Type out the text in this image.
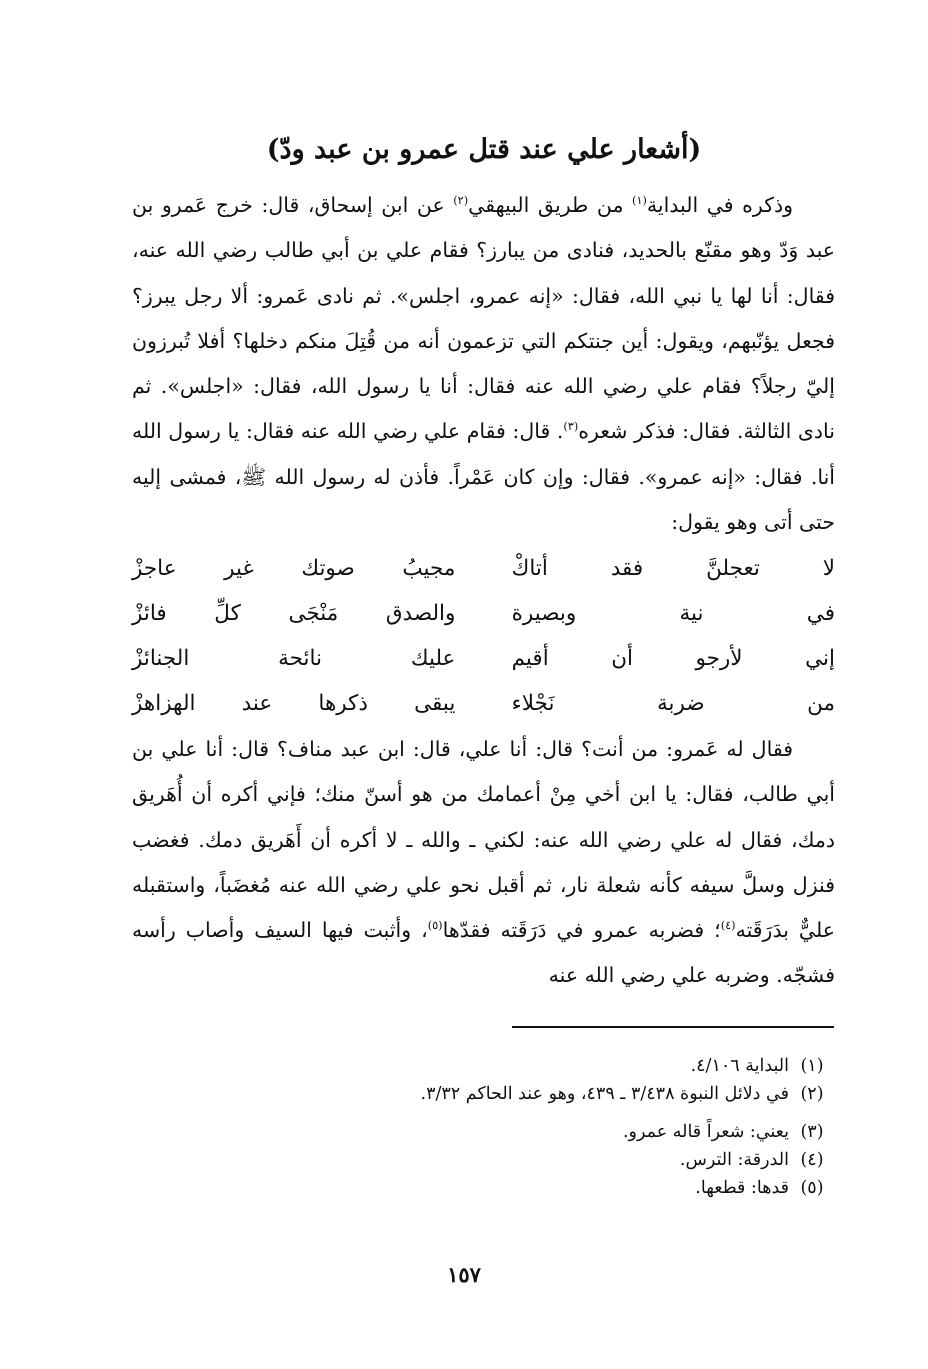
(أشعار علي عند قتل عمرو بن عبد ودّ)

وذكره في البداية$^{(١)}$ من طريق البيهقي$^{(٢)}$ عن ابن إسحاق، قال: خرج عَمرو بن عبد وَدّ وهو مقنّع بالحديد، فنادى من يبارز؟ فقام علي بن أبي طالب رضي الله عنه، فقال: أنا لها يا نبي الله، فقال: «إنه عمرو، اجلس». ثم نادى عَمرو: ألا رجل يبرز؟ فجعل يؤنّبهم، ويقول: أين جنتكم التي تزعمون أنه من قُتِلَ منكم دخلها؟ أفلا تُبرزون إليّ رجلاً؟ فقام علي رضي الله عنه فقال: أنا يا رسول الله، فقال: «اجلس». ثم نادى الثالثة. فقال: فذكر شعره$^{(٣)}$. قال: فقام علي رضي الله عنه فقال: يا رسول الله أنا. فقال: «إنه عمرو». فقال: وإن كان عَمْراً. فأذن له رسول الله ﷺ، فمشى إليه حتى أتى وهو يقول:

لا تعجلنَّ فقد أتاكْ
مجيبُ صوتك غير عاجزْ
في نية وبصيرة
والصدق مَنْجَى كلِّ فائزْ
إني لأرجو أن أقيم
عليك نائحة الجنائزْ
من ضربة نَجْلاء
يبقى ذكرها عند الهزاهزْ

فقال له عَمرو: من أنت؟ قال: أنا علي، قال: ابن عبد مناف؟ قال: أنا علي بن أبي طالب، فقال: يا ابن أخي مِنْ أعمامك من هو أسنّ منك؛ فإني أكره أن أُهَريق دمك، فقال له علي رضي الله عنه: لكني ـ والله ـ لا أكره أن أَهَريق دمك. فغضب فنزل وسلَّ سيفه كأنه شعلة نار، ثم أقبل نحو علي رضي الله عنه مُغضَباً، واستقبله عليٌّ بدَرَقَته$^{(٤)}$؛ فضربه عمرو في دَرَقَته فقدّها$^{(٥)}$، وأثبت فيها السيف وأصاب رأسه فشجّه. وضربه علي رضي الله عنه

(١)
البداية ٤/١٠٦.
(٢)
في دلائل النبوة ٣/٤٣٨ ـ ٤٣٩، وهو عند الحاكم ٣/٣٢.
(٣)
يعني: شعراً قاله عمرو.
(٤)
الدرقة: الترس.
(٥)
قدها: قطعها.
١٥٧
